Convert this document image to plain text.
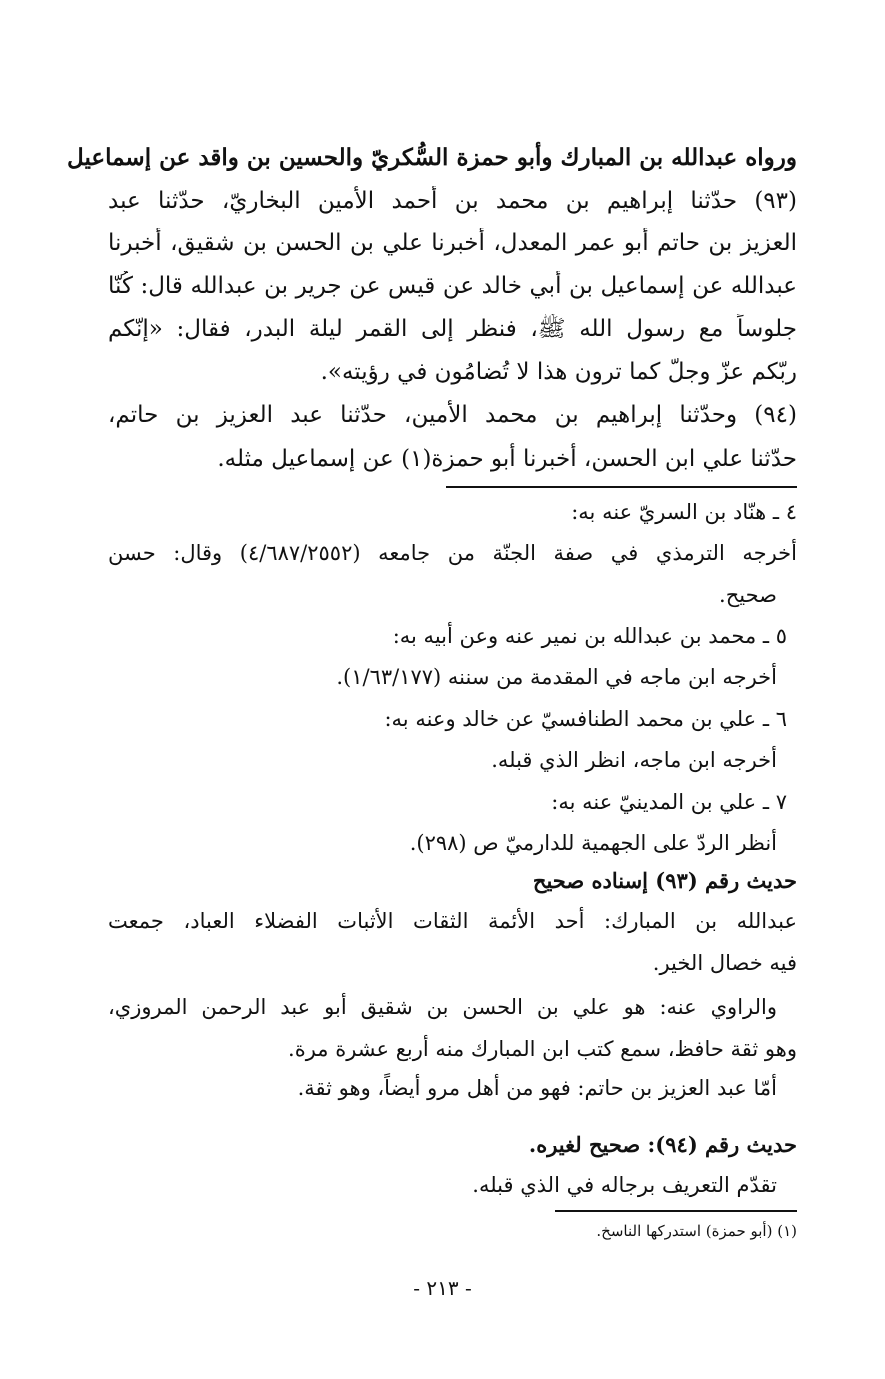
ورواه عبدالله بن المبارك وأبو حمزة السُّكريّ والحسين بن واقد عن إسماعيل
(٩٣) حدّثنا إبراهيم بن محمد بن أحمد الأمين البخاريّ، حدّثنا عبد
العزيز بن حاتم أبو عمر المعدل، أخبرنا علي بن الحسن بن شقيق، أخبرنا
عبدالله عن إسماعيل بن أبي خالد عن قيس عن جرير بن عبدالله قال: كُنّا
جلوساً مع رسول الله ﷺ، فنظر إلى القمر ليلة البدر، فقال: «إنّكم
ربّكم عزّ وجلّ كما ترون هذا لا تُضامُون في رؤيته».
(٩٤) وحدّثنا إبراهيم بن محمد الأمين، حدّثنا عبد العزيز بن حاتم،
حدّثنا علي ابن الحسن، أخبرنا أبو حمزة(١) عن إسماعيل مثله.
٤ ـ هنّاد بن السريّ عنه به:
أخرجه الترمذي في صفة الجنّة من جامعه (٤/٦٨٧/٢٥٥٢) وقال: حسن
صحيح.
٥ ـ محمد بن عبدالله بن نمير عنه وعن أبيه به:
أخرجه ابن ماجه في المقدمة من سننه (١/٦٣/١٧٧).
٦ ـ علي بن محمد الطنافسيّ عن خالد وعنه به:
أخرجه ابن ماجه، انظر الذي قبله.
٧ ـ علي بن المدينيّ عنه به:
أنظر الردّ على الجهمية للدارميّ ص (٢٩٨).
حديث رقم (٩٣) إسناده صحيح
عبدالله بن المبارك: أحد الأئمة الثقات الأثبات الفضلاء العباد، جمعت
فيه خصال الخير.
والراوي عنه: هو علي بن الحسن بن شقيق أبو عبد الرحمن المروزي،
وهو ثقة حافظ، سمع كتب ابن المبارك منه أربع عشرة مرة.
أمّا عبد العزيز بن حاتم: فهو من أهل مرو أيضاً، وهو ثقة.
حديث رقم (٩٤): صحيح لغيره.
تقدّم التعريف برجاله في الذي قبله.
(١) (أبو حمزة) استدركها الناسخ.
- ٢١٣ -
